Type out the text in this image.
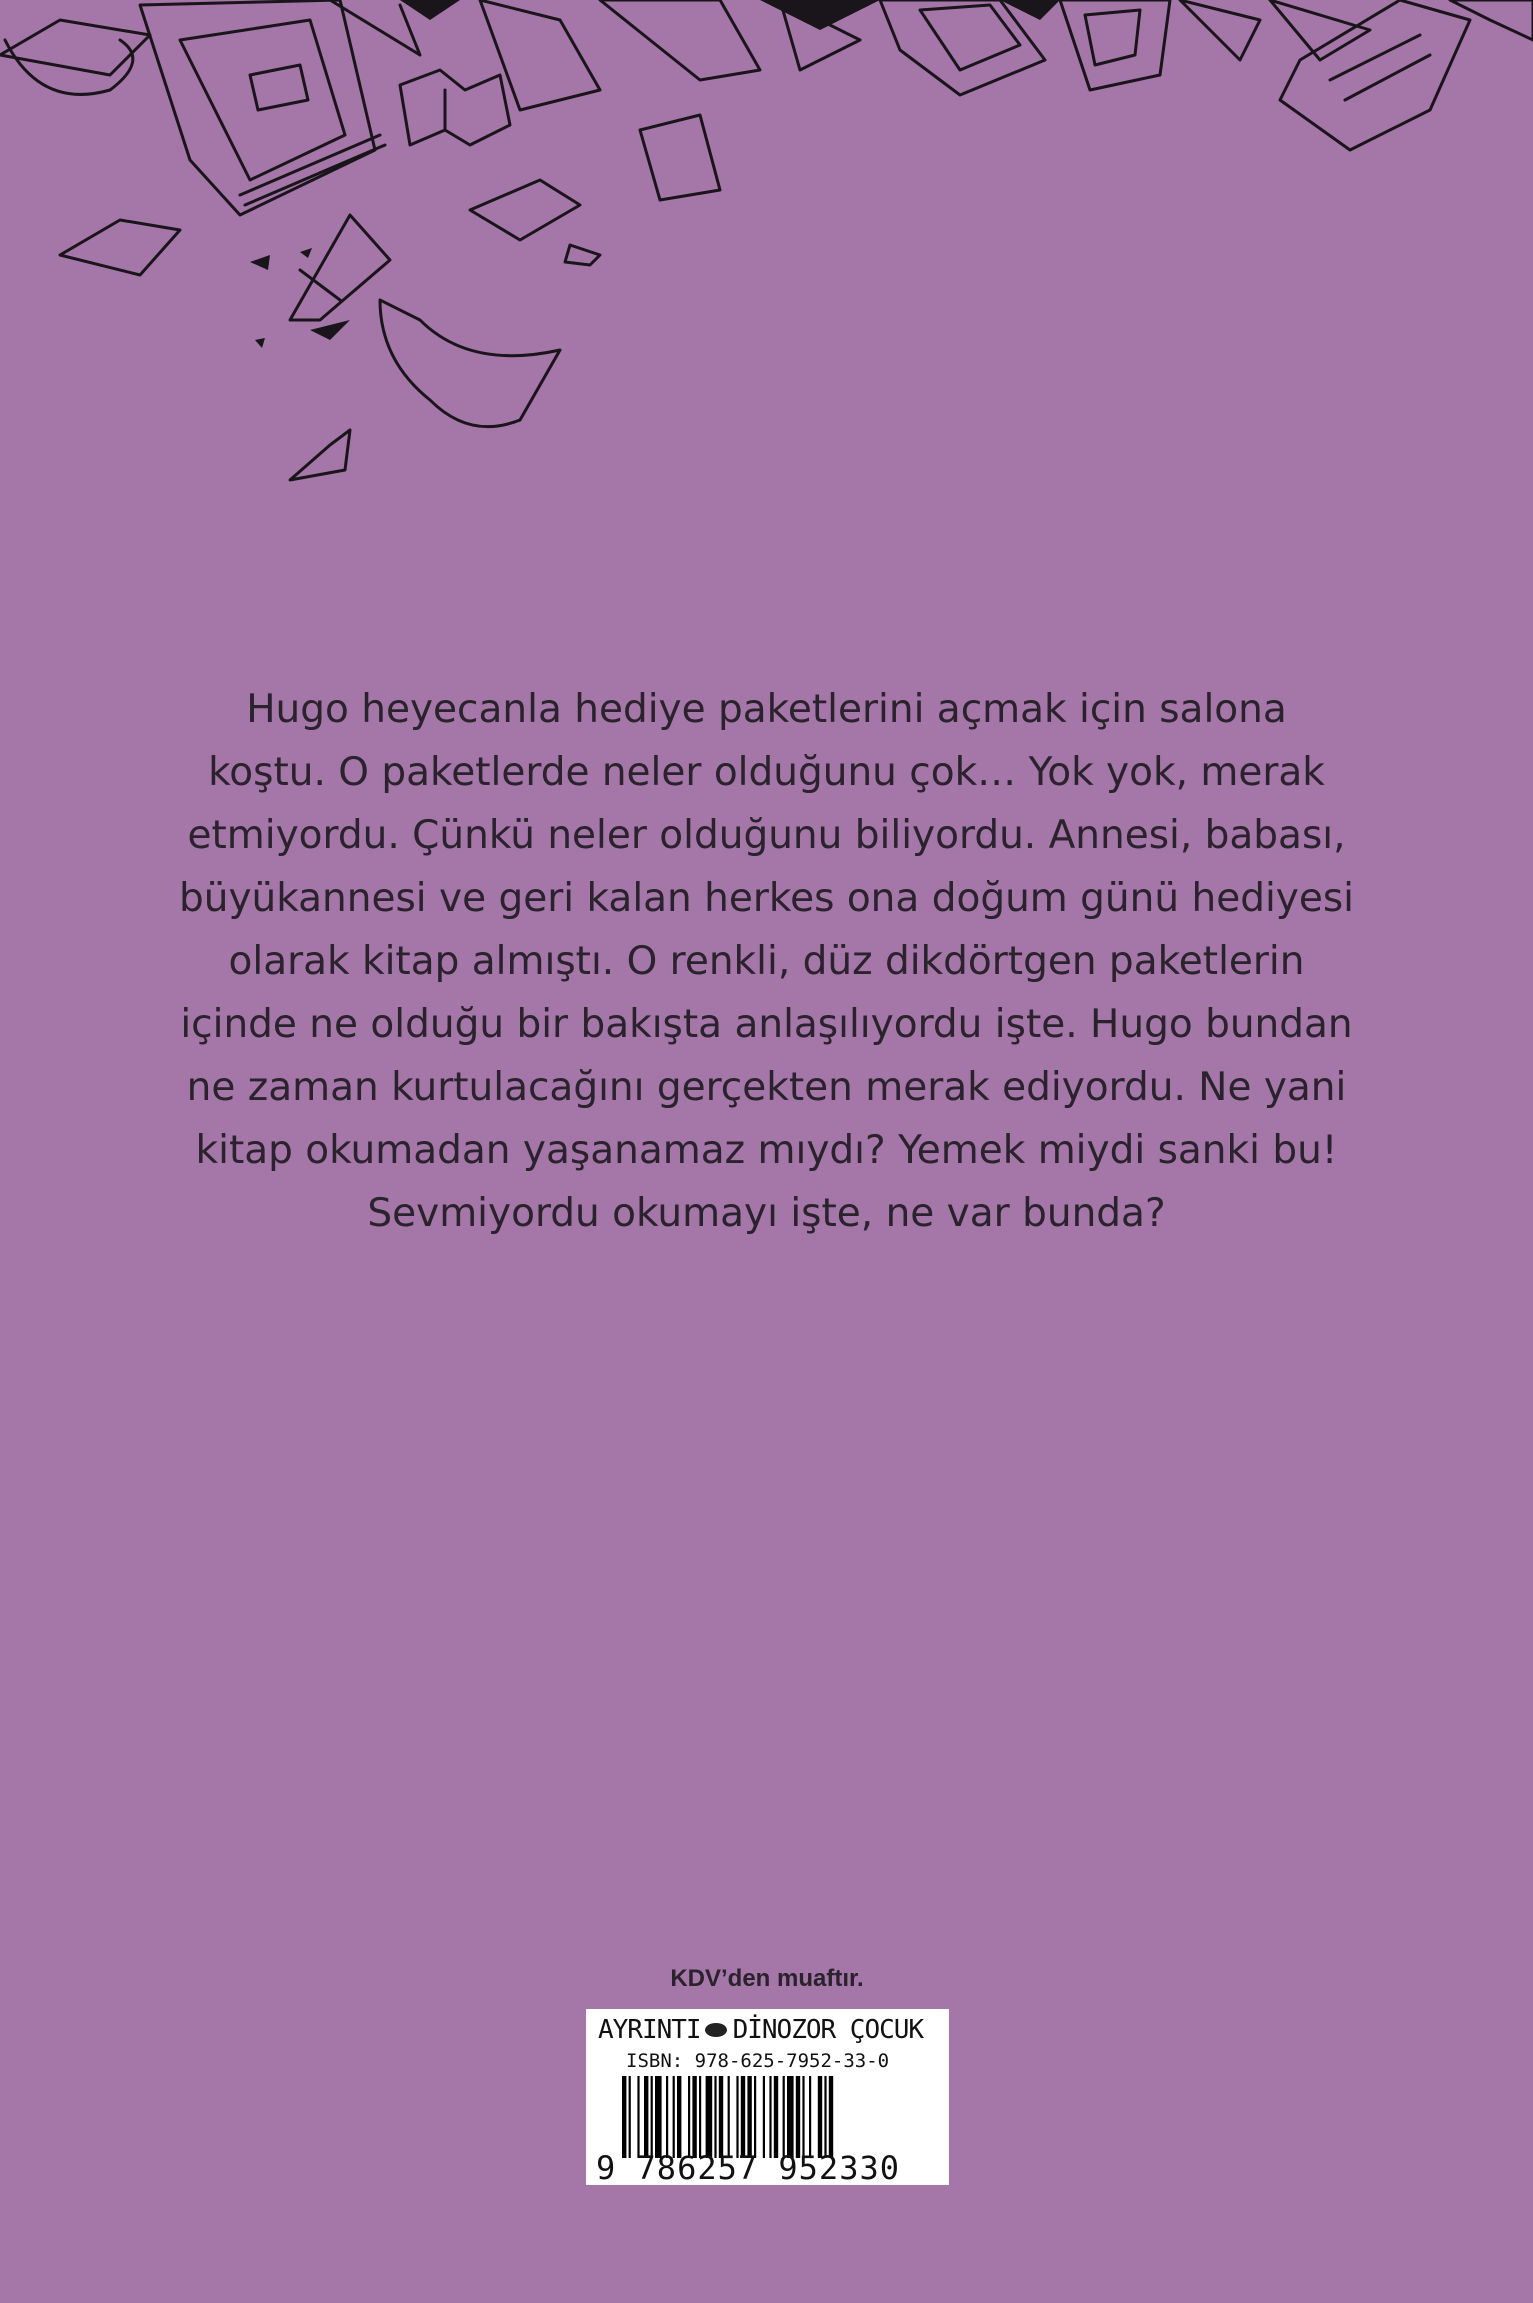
Hugo heyecanla hediye paketlerini açmak için salona
koştu. O paketlerde neler olduğunu çok… Yok yok, merak
etmiyordu. Çünkü neler olduğunu biliyordu. Annesi, babası,
büyükannesi ve geri kalan herkes ona doğum günü hediyesi
olarak kitap almıştı. O renkli, düz dikdörtgen paketlerin
içinde ne olduğu bir bakışta anlaşılıyordu işte. Hugo bundan
ne zaman kurtulacağını gerçekten merak ediyordu. Ne yani
kitap okumadan yaşanamaz mıydı? Yemek miydi sanki bu!
Sevmiyordu okumayı işte, ne var bunda?

KDV’den muaftır.
AYRINTI DİNOZOR ÇOCUK
ISBN: 978-625-7952-33-0
9 786257 952330
